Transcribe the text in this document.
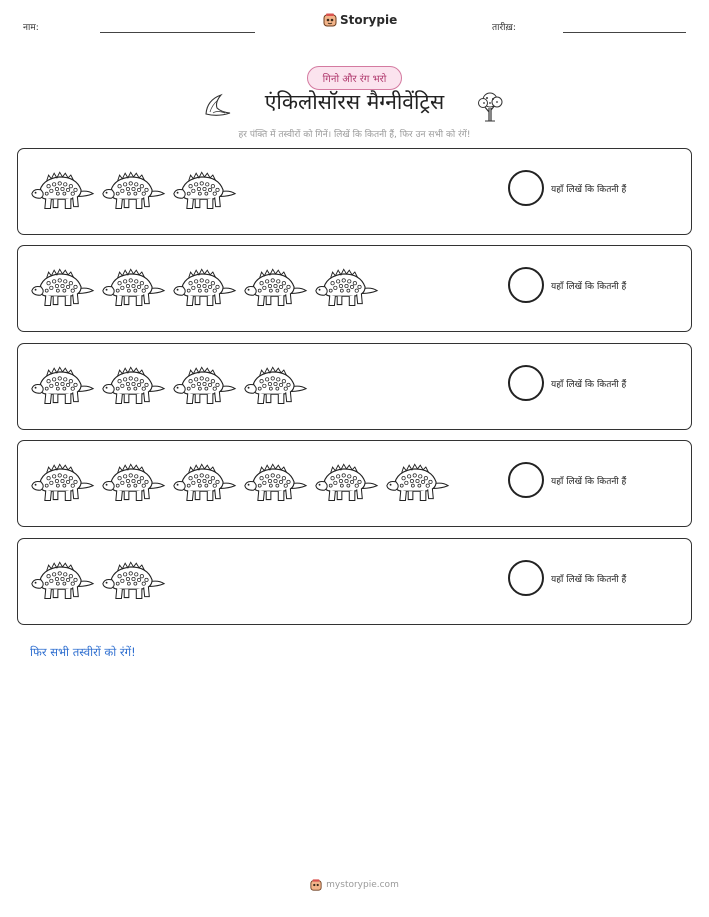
नाम:
Storypie
तारीख़:
गिनो और रंग भरो
एंकिलोसॉरस मैग्नीवेंट्रिस
हर पंक्ति में तस्वीरों को गिनें। लिखें कि कितनी हैं, फिर उन सभी को रंगें!
यहाँ लिखें कि कितनी हैं
यहाँ लिखें कि कितनी हैं
यहाँ लिखें कि कितनी हैं
यहाँ लिखें कि कितनी हैं
यहाँ लिखें कि कितनी हैं
फिर सभी तस्वीरों को रंगें!
mystorypie.com
